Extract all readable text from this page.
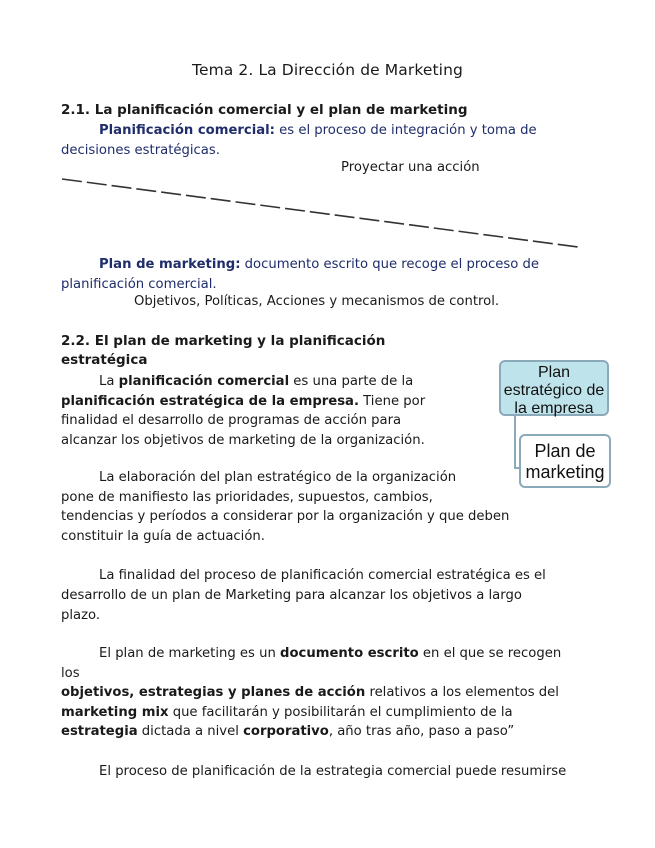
Tema 2. La Dirección de Marketing
2.1. La planificación comercial y el plan de marketing
Planificación comercial: es el proceso de integración y toma de
decisiones estratégicas.
Proyectar una acción
Plan de marketing: documento escrito que recoge el proceso de
planificación comercial.
Objetivos, Políticas, Acciones y mecanismos de control.
2.2. El plan de marketing y la planificación
estratégica
La planificación comercial es una parte de la
planificación estratégica de la empresa. Tiene por
finalidad el desarrollo de programas de acción para
alcanzar los objetivos de marketing de la organización.
Plan estratégico de la empresa
Plan de marketing
La elaboración del plan estratégico de la organización
pone de manifiesto las prioridades, supuestos, cambios,
tendencias y períodos a considerar por la organización y que deben
constituir la guía de actuación.
La finalidad del proceso de planificación comercial estratégica es el
desarrollo de un plan de Marketing para alcanzar los objetivos a largo
plazo.
El plan de marketing es un documento escrito en el que se recogen
los
objetivos, estrategias y planes de acción relativos a los elementos del
marketing mix que facilitarán y posibilitarán el cumplimiento de la
estrategia dictada a nivel corporativo, año tras año, paso a paso”
El proceso de planificación de la estrategia comercial puede resumirse
